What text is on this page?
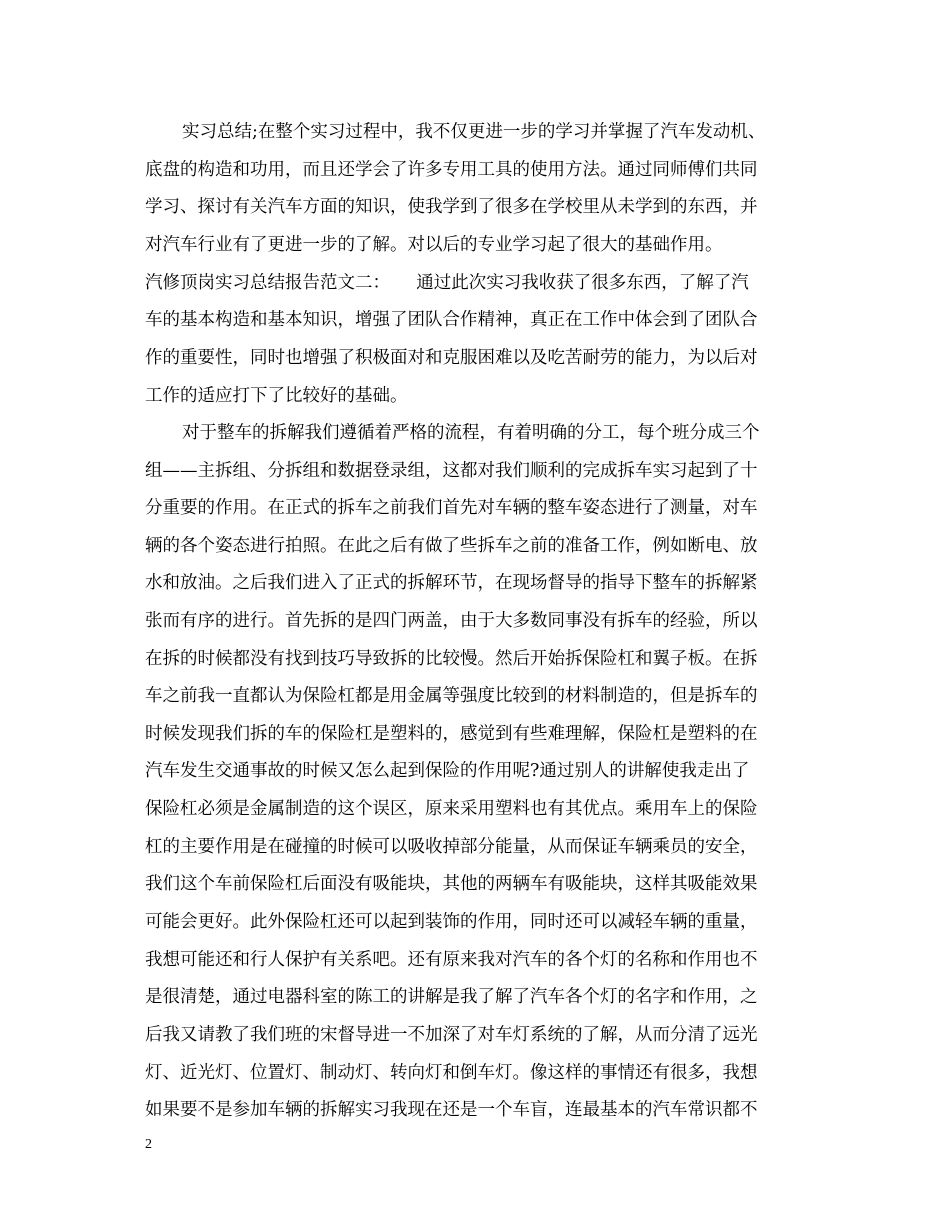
实习总结;在整个实习过程中，我不仅更进一步的学习并掌握了汽车发动机、
底盘的构造和功用，而且还学会了许多专用工具的使用方法。通过同师傅们共同
学习、探讨有关汽车方面的知识，使我学到了很多在学校里从未学到的东西，并
对汽车行业有了更进一步的了解。对以后的专业学习起了很大的基础作用。
汽修顶岗实习总结报告范文二：　　通过此次实习我收获了很多东西，了解了汽
车的基本构造和基本知识，增强了团队合作精神，真正在工作中体会到了团队合
作的重要性，同时也增强了积极面对和克服困难以及吃苦耐劳的能力，为以后对
工作的适应打下了比较好的基础。
对于整车的拆解我们遵循着严格的流程，有着明确的分工，每个班分成三个
组——主拆组、分拆组和数据登录组，这都对我们顺利的完成拆车实习起到了十
分重要的作用。在正式的拆车之前我们首先对车辆的整车姿态进行了测量，对车
辆的各个姿态进行拍照。在此之后有做了些拆车之前的准备工作，例如断电、放
水和放油。之后我们进入了正式的拆解环节，在现场督导的指导下整车的拆解紧
张而有序的进行。首先拆的是四门两盖，由于大多数同事没有拆车的经验，所以
在拆的时候都没有找到技巧导致拆的比较慢。然后开始拆保险杠和翼子板。在拆
车之前我一直都认为保险杠都是用金属等强度比较到的材料制造的，但是拆车的
时候发现我们拆的车的保险杠是塑料的，感觉到有些难理解，保险杠是塑料的在
汽车发生交通事故的时候又怎么起到保险的作用呢?通过别人的讲解使我走出了
保险杠必须是金属制造的这个误区，原来采用塑料也有其优点。乘用车上的保险
杠的主要作用是在碰撞的时候可以吸收掉部分能量，从而保证车辆乘员的安全，
我们这个车前保险杠后面没有吸能块，其他的两辆车有吸能块，这样其吸能效果
可能会更好。此外保险杠还可以起到装饰的作用，同时还可以减轻车辆的重量，
我想可能还和行人保护有关系吧。还有原来我对汽车的各个灯的名称和作用也不
是很清楚，通过电器科室的陈工的讲解是我了解了汽车各个灯的名字和作用，之
后我又请教了我们班的宋督导进一不加深了对车灯系统的了解，从而分清了远光
灯、近光灯、位置灯、制动灯、转向灯和倒车灯。像这样的事情还有很多，我想
如果要不是参加车辆的拆解实习我现在还是一个车盲，连最基本的汽车常识都不
2
